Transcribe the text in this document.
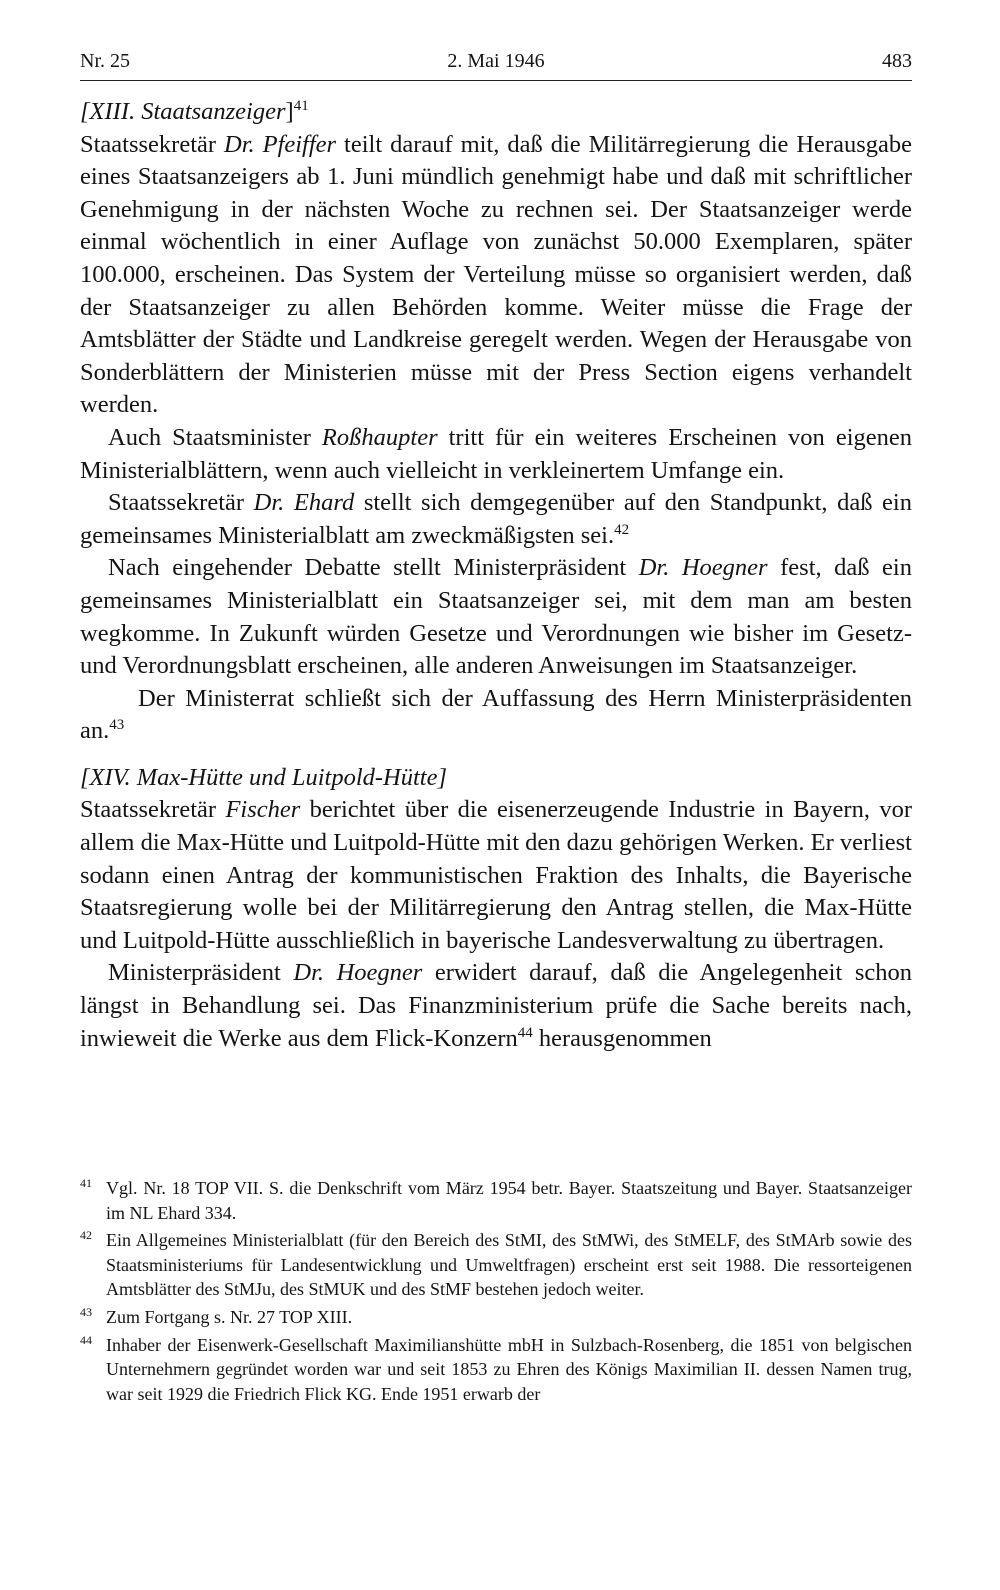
Nr. 25	2. Mai 1946	483
[XIII. Staatsanzeiger]$^{41}$

Staatssekretär Dr. Pfeiffer teilt darauf mit, daß die Militärregierung die Herausgabe eines Staatsanzeigers ab 1. Juni mündlich genehmigt habe und daß mit schriftlicher Genehmigung in der nächsten Woche zu rechnen sei. Der Staatsanzeiger werde einmal wöchentlich in einer Auflage von zunächst 50.000 Exemplaren, später 100.000, erscheinen. Das System der Verteilung müsse so organisiert werden, daß der Staatsanzeiger zu allen Behörden komme. Weiter müsse die Frage der Amtsblätter der Städte und Landkreise geregelt werden. Wegen der Herausgabe von Sonderblättern der Ministerien müsse mit der Press Section eigens verhandelt werden.

Auch Staatsminister Roßhaupter tritt für ein weiteres Erscheinen von eigenen Ministerialblättern, wenn auch vielleicht in verkleinertem Umfange ein.

Staatssekretär Dr. Ehard stellt sich demgegenüber auf den Standpunkt, daß ein gemeinsames Ministerialblatt am zweckmäßigsten sei.$^{42}$

Nach eingehender Debatte stellt Ministerpräsident Dr. Hoegner fest, daß ein gemeinsames Ministerialblatt ein Staatsanzeiger sei, mit dem man am besten wegkomme. In Zukunft würden Gesetze und Verordnungen wie bisher im Gesetz- und Verordnungsblatt erscheinen, alle anderen Anweisungen im Staatsanzeiger.

Der Ministerrat schließt sich der Auffassung des Herrn Ministerpräsidenten an.$^{43}$

[XIV. Max-Hütte und Luitpold-Hütte]

Staatssekretär Fischer berichtet über die eisenerzeugende Industrie in Bayern, vor allem die Max-Hütte und Luitpold-Hütte mit den dazu gehörigen Werken. Er verliest sodann einen Antrag der kommunistischen Fraktion des Inhalts, die Bayerische Staatsregierung wolle bei der Militärregierung den Antrag stellen, die Max-Hütte und Luitpold-Hütte ausschließlich in bayerische Landesverwaltung zu übertragen.

Ministerpräsident Dr. Hoegner erwidert darauf, daß die Angelegenheit schon längst in Behandlung sei. Das Finanzministerium prüfe die Sache bereits nach, inwieweit die Werke aus dem Flick-Konzern$^{44}$ herausgenommen

41 Vgl. Nr. 18 TOP VII. S. die Denkschrift vom März 1954 betr. Bayer. Staatszeitung und Bayer. Staatsanzeiger im NL Ehard 334.
42 Ein Allgemeines Ministerialblatt (für den Bereich des StMI, des StMWi, des StMELF, des StMArb sowie des Staatsministeriums für Landesentwicklung und Umweltfragen) erscheint erst seit 1988. Die ressorteigenen Amtsblätter des StMJu, des StMUK und des StMF bestehen jedoch weiter.
43 Zum Fortgang s. Nr. 27 TOP XIII.
44 Inhaber der Eisenwerk-Gesellschaft Maximilianshütte mbH in Sulzbach-Rosenberg, die 1851 von belgischen Unternehmern gegründet worden war und seit 1853 zu Ehren des Königs Maximilian II. dessen Namen trug, war seit 1929 die Friedrich Flick KG. Ende 1951 erwarb der
